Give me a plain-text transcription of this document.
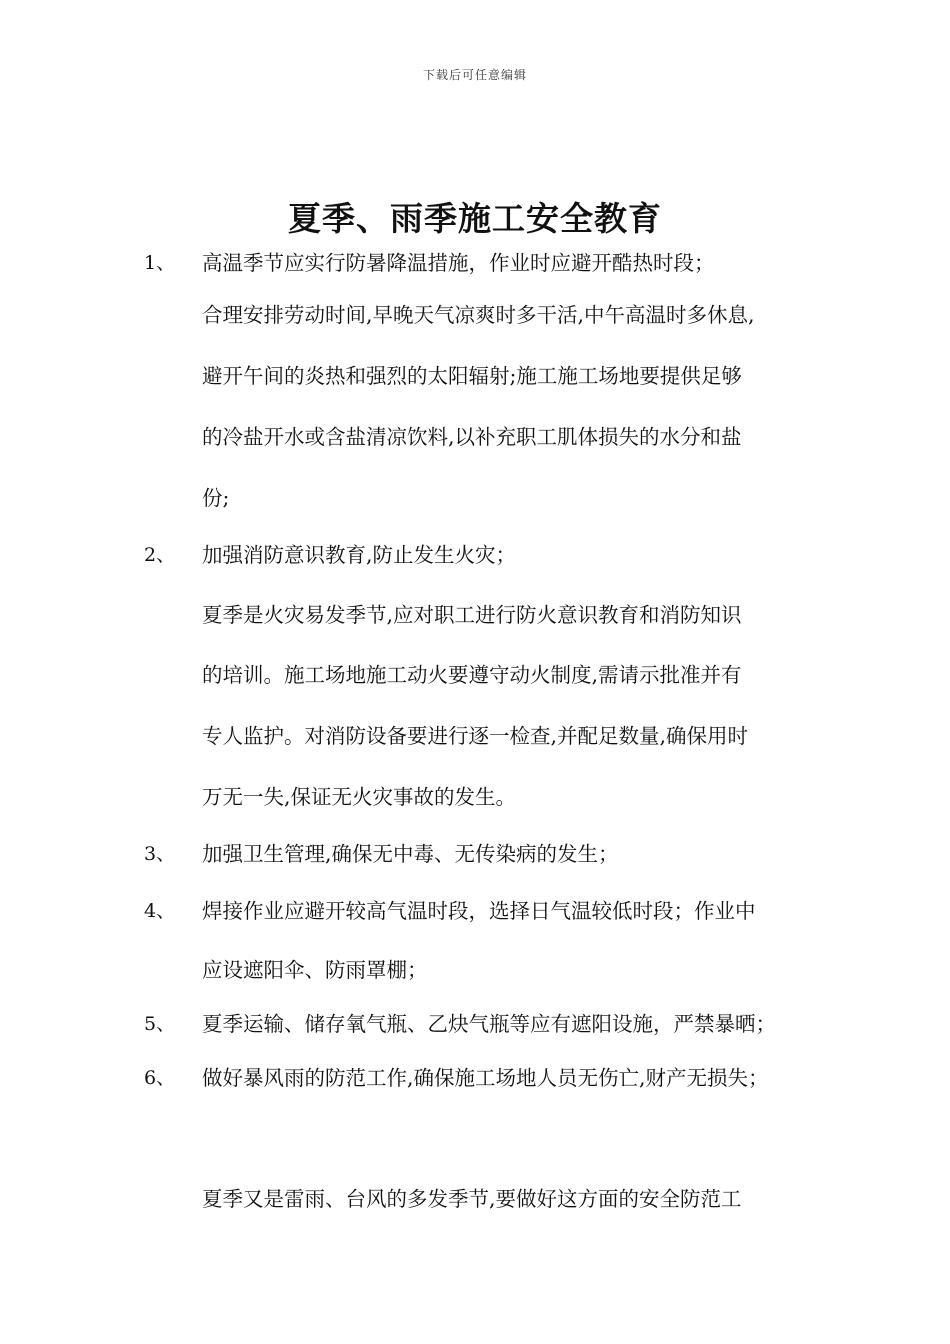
下载后可任意编辑
夏季、雨季施工安全教育
1、 高温季节应实行防暑降温措施，作业时应避开酷热时段；
合理安排劳动时间,早晚天气凉爽时多干活,中午高温时多休息,
避开午间的炎热和强烈的太阳辐射;施工施工场地要提供足够
的冷盐开水或含盐清凉饮料,以补充职工肌体损失的水分和盐
份;
2、 加强消防意识教育,防止发生火灾；
夏季是火灾易发季节,应对职工进行防火意识教育和消防知识
的培训。施工场地施工动火要遵守动火制度,需请示批准并有
专人监护。对消防设备要进行逐一检查,并配足数量,确保用时
万无一失,保证无火灾事故的发生。
3、 加强卫生管理,确保无中毒、无传染病的发生；
4、 焊接作业应避开较高气温时段，选择日气温较低时段；作业中
应设遮阳伞、防雨罩棚；
5、 夏季运输、储存氧气瓶、乙炔气瓶等应有遮阳设施，严禁暴晒；
6、 做好暴风雨的防范工作,确保施工场地人员无伤亡,财产无损失；
夏季又是雷雨、台风的多发季节,要做好这方面的安全防范工
